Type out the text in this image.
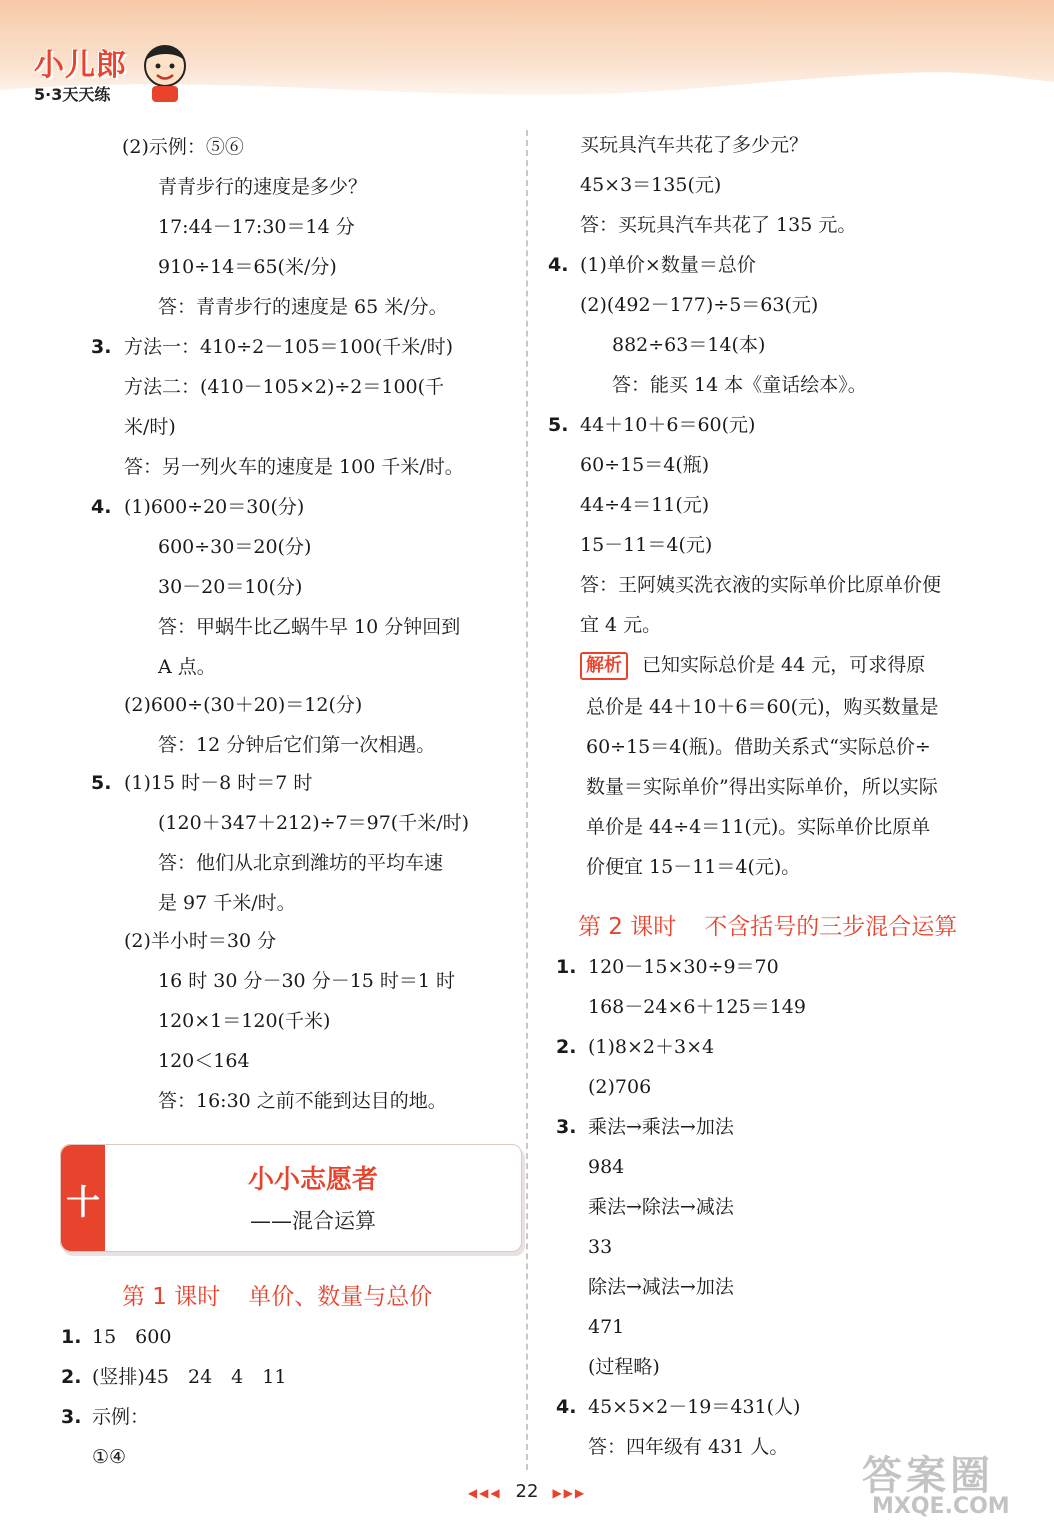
小儿郎
5·3天天练
(2)示例：⑤⑥
青青步行的速度是多少？
17:44－17:30＝14 分
910÷14＝65(米/分)
答：青青步行的速度是 65 米/分。
3. 方法一：410÷2－105＝100(千米/时)
方法二：(410－105×2)÷2＝100(千
米/时)
答：另一列火车的速度是 100 千米/时。
4. (1)600÷20＝30(分)
600÷30＝20(分)
30－20＝10(分)
答：甲蜗牛比乙蜗牛早 10 分钟回到
A 点。
(2)600÷(30＋20)＝12(分)
答：12 分钟后它们第一次相遇。
5. (1)15 时－8 时＝7 时
(120＋347＋212)÷7＝97(千米/时)
答：他们从北京到潍坊的平均车速
是 97 千米/时。
(2)半小时＝30 分
16 时 30 分－30 分－15 时＝1 时
120×1＝120(千米)
120＜164
答：16:30 之前不能到达目的地。
十
小小志愿者
——混合运算
第 1 课时 单价、数量与总价
1. 15　600
2. (竖排)45　24　4　11
3. 示例：
①④
买玩具汽车共花了多少元？
45×3＝135(元)
答：买玩具汽车共花了 135 元。
4. (1)单价×数量＝总价
(2)(492－177)÷5＝63(元)
882÷63＝14(本)
答：能买 14 本《童话绘本》。
5. 44＋10＋6＝60(元)
60÷15＝4(瓶)
44÷4＝11(元)
15－11＝4(元)
答：王阿姨买洗衣液的实际单价比原单价便
宜 4 元。
解析 已知实际总价是 44 元，可求得原
总价是 44＋10＋6＝60(元)，购买数量是
60÷15＝4(瓶)。借助关系式“实际总价÷
数量＝实际单价”得出实际单价，所以实际
单价是 44÷4＝11(元)。实际单价比原单
价便宜 15－11＝4(元)。
第 2 课时 不含括号的三步混合运算
1. 120－15×30÷9＝70
168－24×6＋125＝149
2. (1)8×2＋3×4
(2)706
3. 乘法→乘法→加法
984
乘法→除法→减法
33
除法→减法→加法
471
(过程略)
4. 45×5×2－19＝431(人)
答：四年级有 431 人。
◀◀◀ 22 ▶▶▶	答案圈
MXQE.COM
